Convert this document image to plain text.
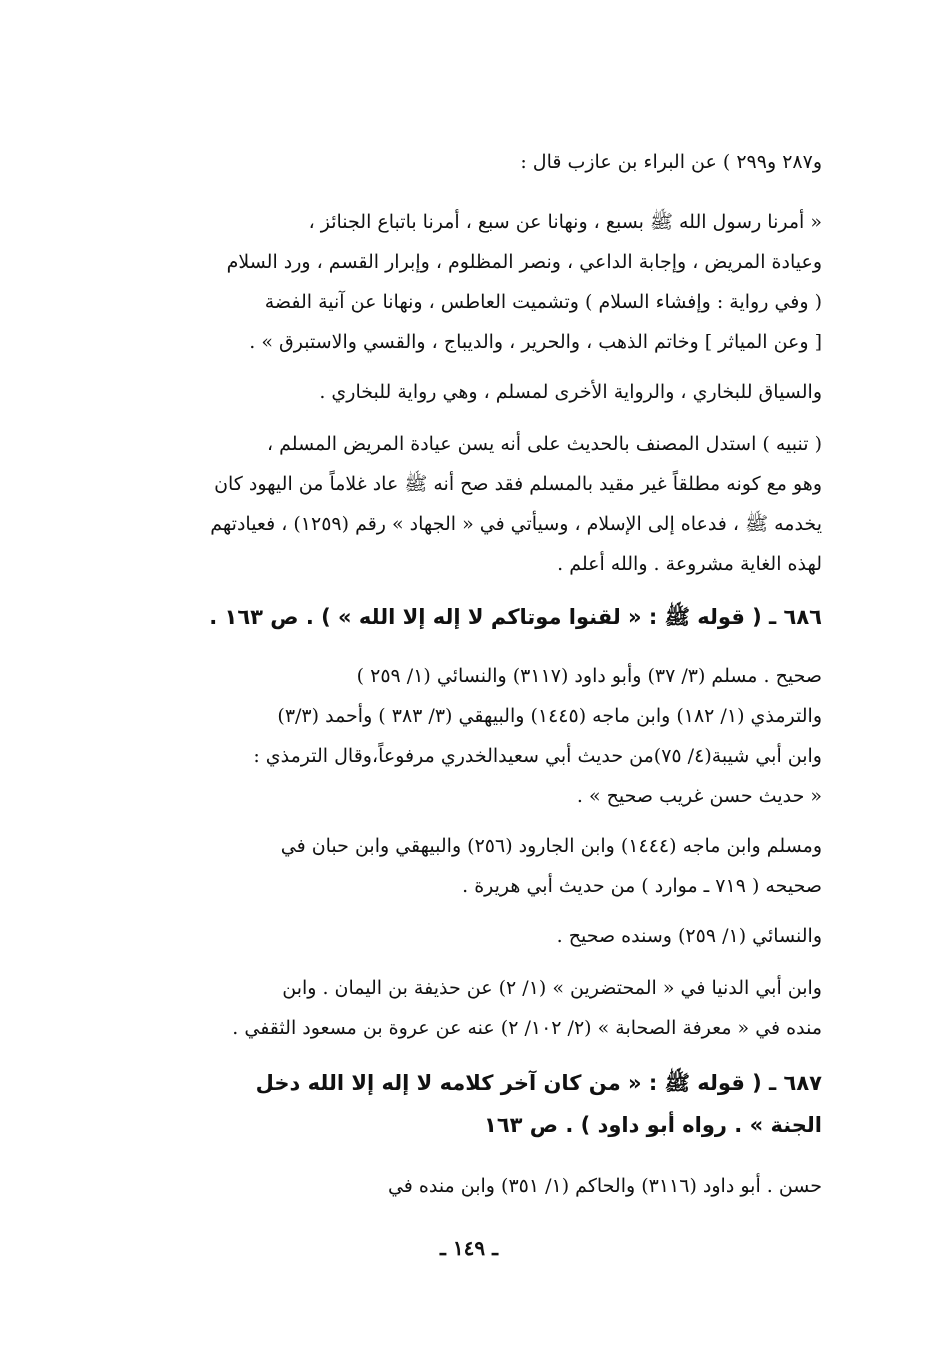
و٢٨٧ و٢٩٩ ) عن البراء بن عازب قال :

« أمرنا رسول الله ﷺ بسبع ، ونهانا عن سبع ، أمرنا باتباع الجنائز ،

وعيادة المريض ، وإجابة الداعي ، ونصر المظلوم ، وإبرار القسم ، ورد السلام

( وفي رواية : وإفشاء السلام ) وتشميت العاطس ، ونهانا عن آنية الفضة

[ وعن المياثر ] وخاتم الذهب ، والحرير ، والديباج ، والقسي والاستبرق » .

والسياق للبخاري ، والرواية الأخرى لمسلم ، وهي رواية للبخاري .

( تنبيه ) استدل المصنف بالحديث على أنه يسن عيادة المريض المسلم ،

وهو مع كونه مطلقاً غير مقيد بالمسلم فقد صح أنه ﷺ عاد غلاماً من اليهود كان

يخدمه ﷺ ، فدعاه إلى الإسلام ، وسيأتي في « الجهاد » رقم (١٢٥٩) ، فعيادتهم

لهذه الغاية مشروعة . والله أعلم .

٦٨٦ ـ ( قوله ﷺ : « لقنوا موتاكم لا إله إلا الله » ) . ص ١٦٣ .

صحيح . مسلم (٣/ ٣٧) وأبو داود (٣١١٧) والنسائي (١/ ٢٥٩ )

والترمذي (١/ ١٨٢) وابن ماجه (١٤٤٥) والبيهقي (٣/ ٣٨٣ ) وأحمد (٣/٣)

وابن أبي شيبة(٤/ ٧٥)من حديث أبي سعيدالخدري مرفوعاً،وقال الترمذي :

« حديث حسن غريب صحيح » .

ومسلم وابن ماجه (١٤٤٤) وابن الجارود (٢٥٦) والبيهقي وابن حبان في

صحيحه ( ٧١٩ ـ موارد ) من حديث أبي هريرة .

والنسائي (١/ ٢٥٩) وسنده صحيح .

وابن أبي الدنيا في « المحتضرين » (١/ ٢) عن حذيفة بن اليمان . وابن

منده في « معرفة الصحابة » (٢/ ١٠٢/ ٢) عنه عن عروة بن مسعود الثقفي .

٦٨٧ ـ ( قوله ﷺ : « من كان آخر كلامه لا إله إلا الله دخل

الجنة » . رواه أبو داود ) . ص ١٦٣

حسن . أبو داود (٣١١٦) والحاكم (١/ ٣٥١) وابن منده في

ـ ١٤٩ ـ
